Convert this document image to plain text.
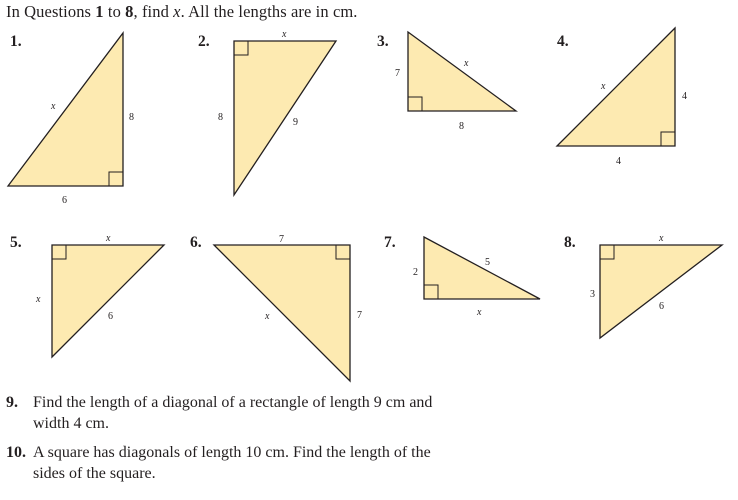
In Questions 1 to 8, find x. All the lengths are in cm.
1.	2.	3.	4.
5.	6.	7.	8.
x
8
6
x
8	9
7
x
8
x
4
4
x
x
6
7
x	7
2
5
x
x
3
6
9. Find the length of a diagonal of a rectangle of length 9 cm and
width 4 cm.
10. A square has diagonals of length 10 cm. Find the length of the
sides of the square.
